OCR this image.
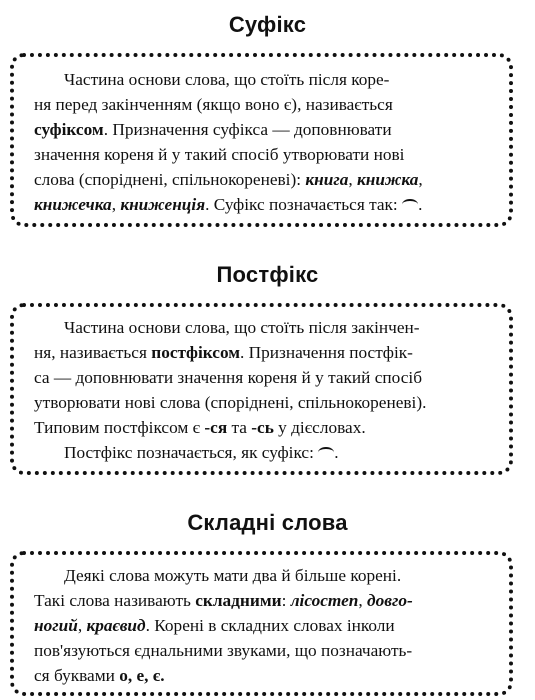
Суфікс

Частина основи слова, що стоїть після коре-
ня перед закінченням (якщо воно є), називається
суфіксом. Призначення суфікса — доповнювати
значення кореня й у такий спосіб утворювати нові
слова (споріднені, спільнокореневі): книга, книжка,
книжечка, книженція. Суфікс позначається так: .

Постфікс

Частина основи слова, що стоїть після закінчен-
ня, називається постфіксом. Призначення постфік-
са — доповнювати значення кореня й у такий спосіб
утворювати нові слова (споріднені, спільнокореневі).
Типовим постфіксом є -ся та -сь у дієсловах.
Постфікс позначається, як суфікс: .

Складні слова

Деякі слова можуть мати два й більше корені.
Такі слова називають складними: лісостеп, довго-
ногий, краєвид. Корені в складних словах інколи
пов'язуються єднальними звуками, що позначають-
ся буквами о, е, є.
